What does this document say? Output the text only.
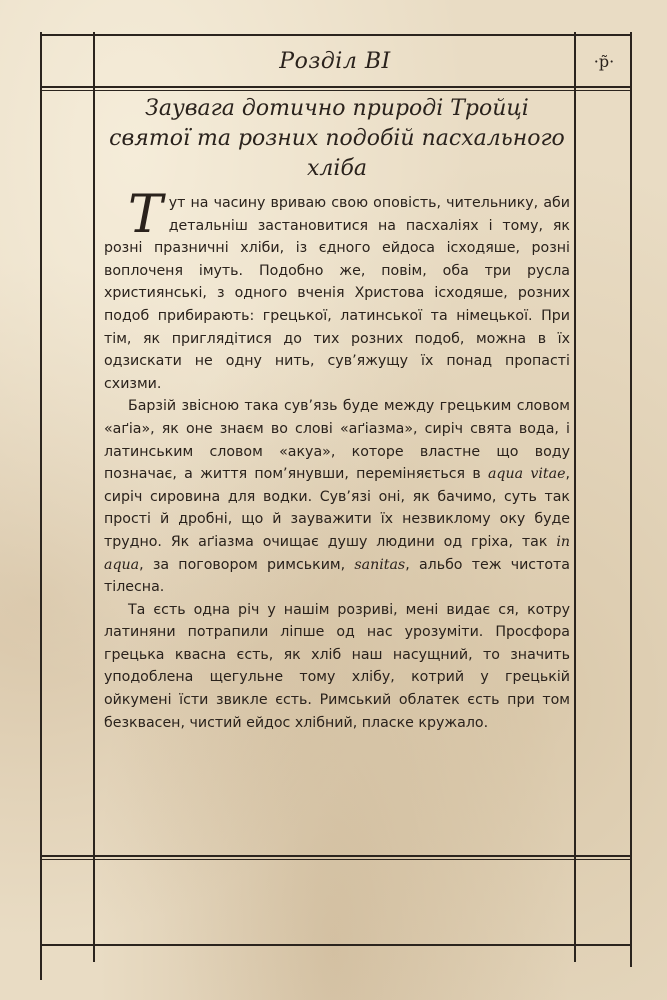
Розділ ВІ	·р̃·
Заувага дотично природі Тройці святої та розних подобій пасхального хліба

Тут на часину вриваю свою оповість, чительнику, аби детальніш застановитися на пасхаліях і тому, як розні празничні хліби, із єдного ейдоса ісходяше, розні воплоченя імуть. Подобно же, повім, оба три русла християнські, з одного вченія Христова ісходяше, розних подоб прибирають: грецької, латинської та німецької. При тім, як приглядітися до тих розних подоб, можна в їх одзискати не одну нить, сув’яжущу їх понад пропасті схизми.

Барзій звісною така сув’язь буде между грецьким словом «аґіа», як оне знаєм во слові «аґіазма», сиріч свята вода, і латинським словом «акуа», которе властне що воду позначає, а життя пом’янувши, переміняється в aqua vitae, сиріч сировина для водки. Сув’язі оні, як бачимо, суть так прості й дробні, що й зауважити їх незвиклому оку буде трудно. Як аґіазма очищає душу людини од гріха, так in aqua, за поговором римським, sanitas, альбо теж чистота тілесна.

Та єсть одна річ у нашім розриві, мені видає ся, котру латиняни потрапили ліпше од нас урозуміти. Просфора грецька квасна єсть, як хліб наш насущний, то значить уподоблена щегульне тому хлібу, котрий у грецькій ойкумені їсти звикле єсть. Римський облатек єсть при том безквасен, чистий ейдос хлібний, пласке кружало.
